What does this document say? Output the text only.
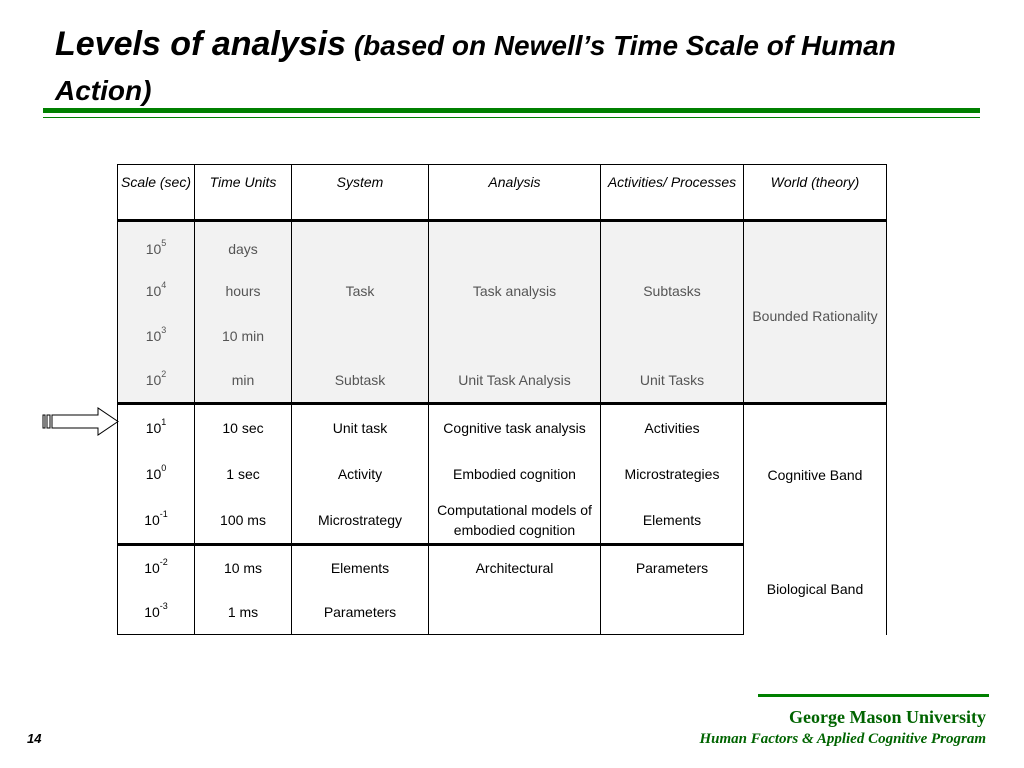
Levels of analysis (based on Newell’s Time Scale of Human Action)
Scale (sec)	Time Units	System	Analysis	Activities/ Processes	World (theory)
$10^5$	days				Bounded Rationality
$10^4$	hours	Task	Task analysis	Subtasks	
$10^3$	10 min				
$10^2$	min	Subtask	Unit Task Analysis	Unit Tasks	
$10^1$	10 sec	Unit task	Cognitive task analysis	Activities	Cognitive Band
$10^0$	1 sec	Activity	Embodied cognition	Microstrategies	
$10^{-1}$	100 ms	Microstrategy	Computational models of embodied cognition	Elements	
$10^{-2}$	10 ms	Elements	Architectural	Parameters	Biological Band
$10^{-3}$	1 ms	Parameters			
George Mason University
Human Factors & Applied Cognitive Program
14
